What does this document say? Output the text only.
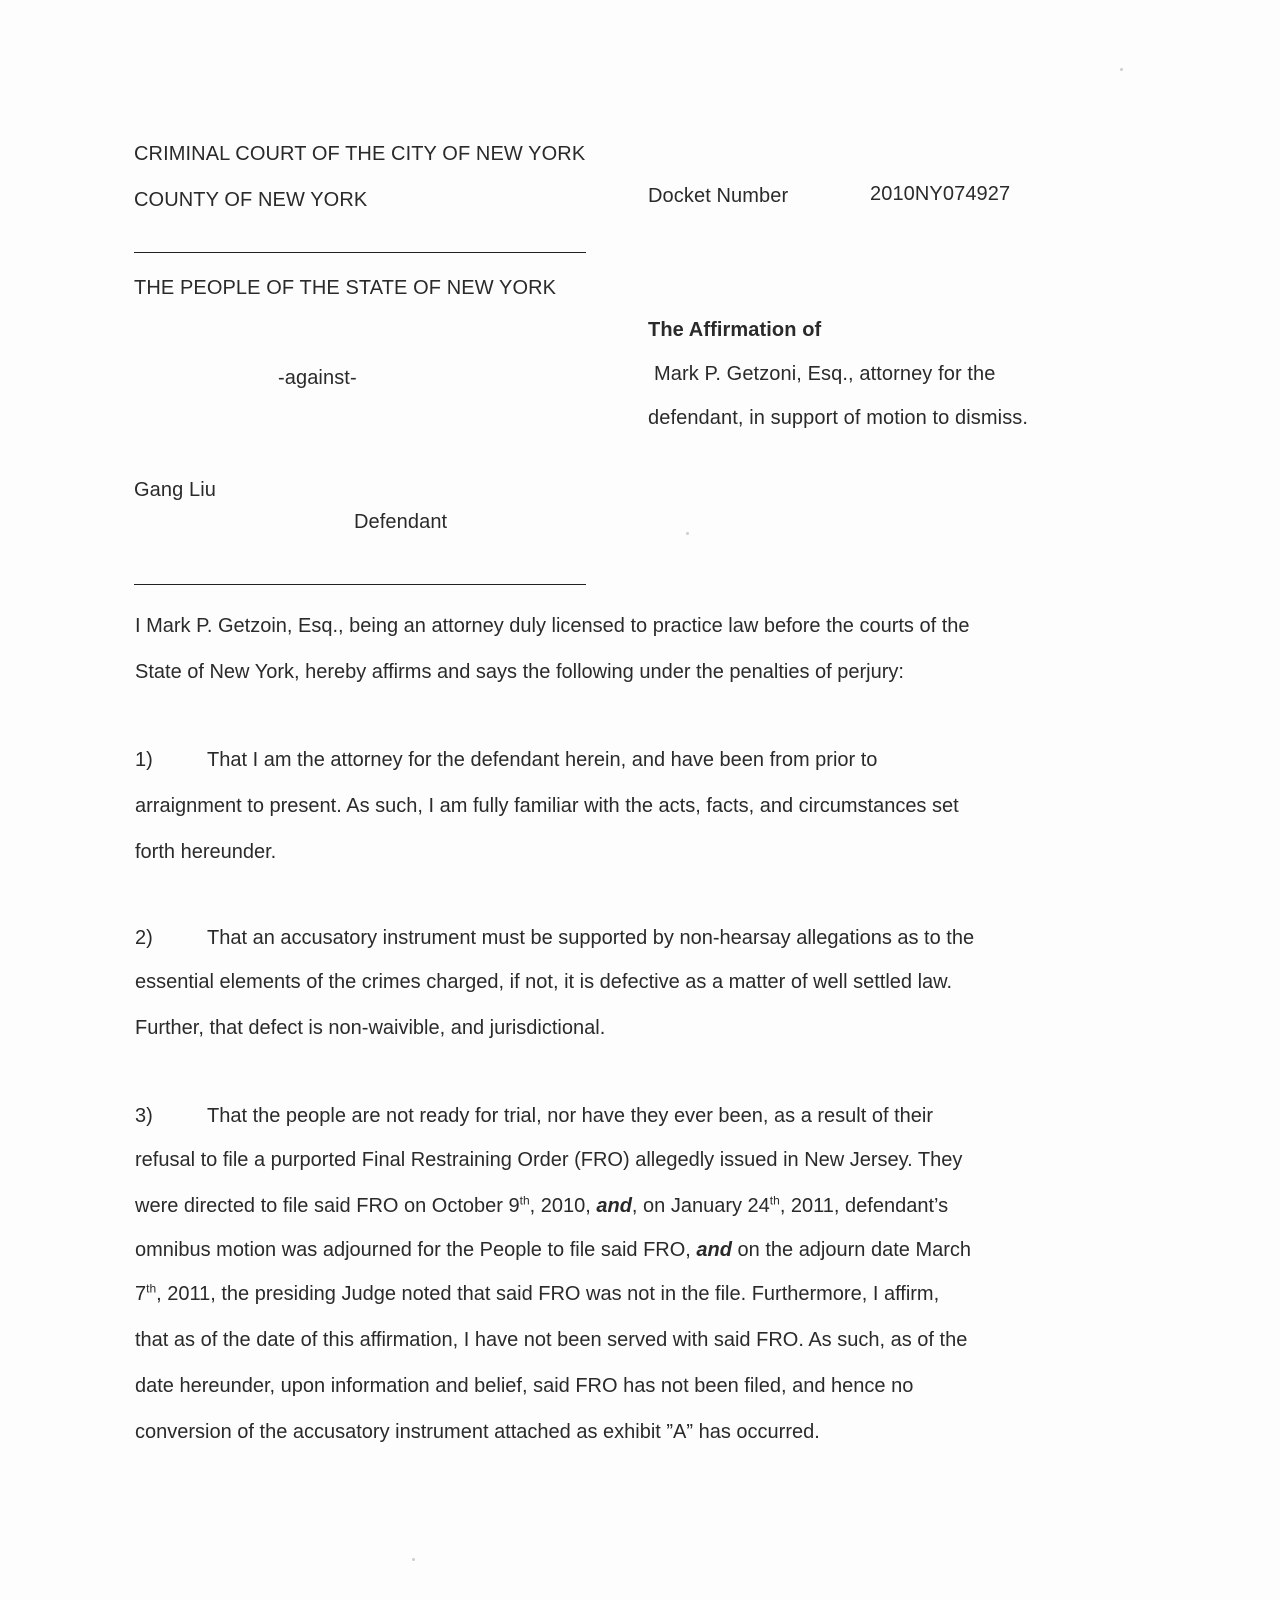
CRIMINAL COURT OF THE CITY OF NEW YORK
COUNTY OF NEW YORK	Docket Number	2010NY074927
THE PEOPLE OF THE STATE OF NEW YORK
The Affirmation of
Mark P. Getzoni, Esq., attorney for the
defendant, in support of motion to dismiss.
-against-
Gang Liu
Defendant
I Mark P. Getzoin, Esq., being an attorney duly licensed to practice law before the courts of the
State of New York, hereby affirms and says the following under the penalties of perjury:
1)	That I am the attorney for the defendant herein, and have been from prior to
arraignment to present. As such, I am fully familiar with the acts, facts, and circumstances set
forth hereunder.
2)	That an accusatory instrument must be supported by non-hearsay allegations as to the
essential elements of the crimes charged, if not, it is defective as a matter of well settled law.
Further, that defect is non-waivible, and jurisdictional.
3)	That the people are not ready for trial, nor have they ever been, as a result of their
refusal to file a purported Final Restraining Order (FRO) allegedly issued in New Jersey. They
were directed to file said FRO on October 9th, 2010, and, on January 24th, 2011, defendant’s
omnibus motion was adjourned for the People to file said FRO, and on the adjourn date March
7th, 2011, the presiding Judge noted that said FRO was not in the file. Furthermore, I affirm,
that as of the date of this affirmation, I have not been served with said FRO. As such, as of the
date hereunder, upon information and belief, said FRO has not been filed, and hence no
conversion of the accusatory instrument attached as exhibit ”A” has occurred.
